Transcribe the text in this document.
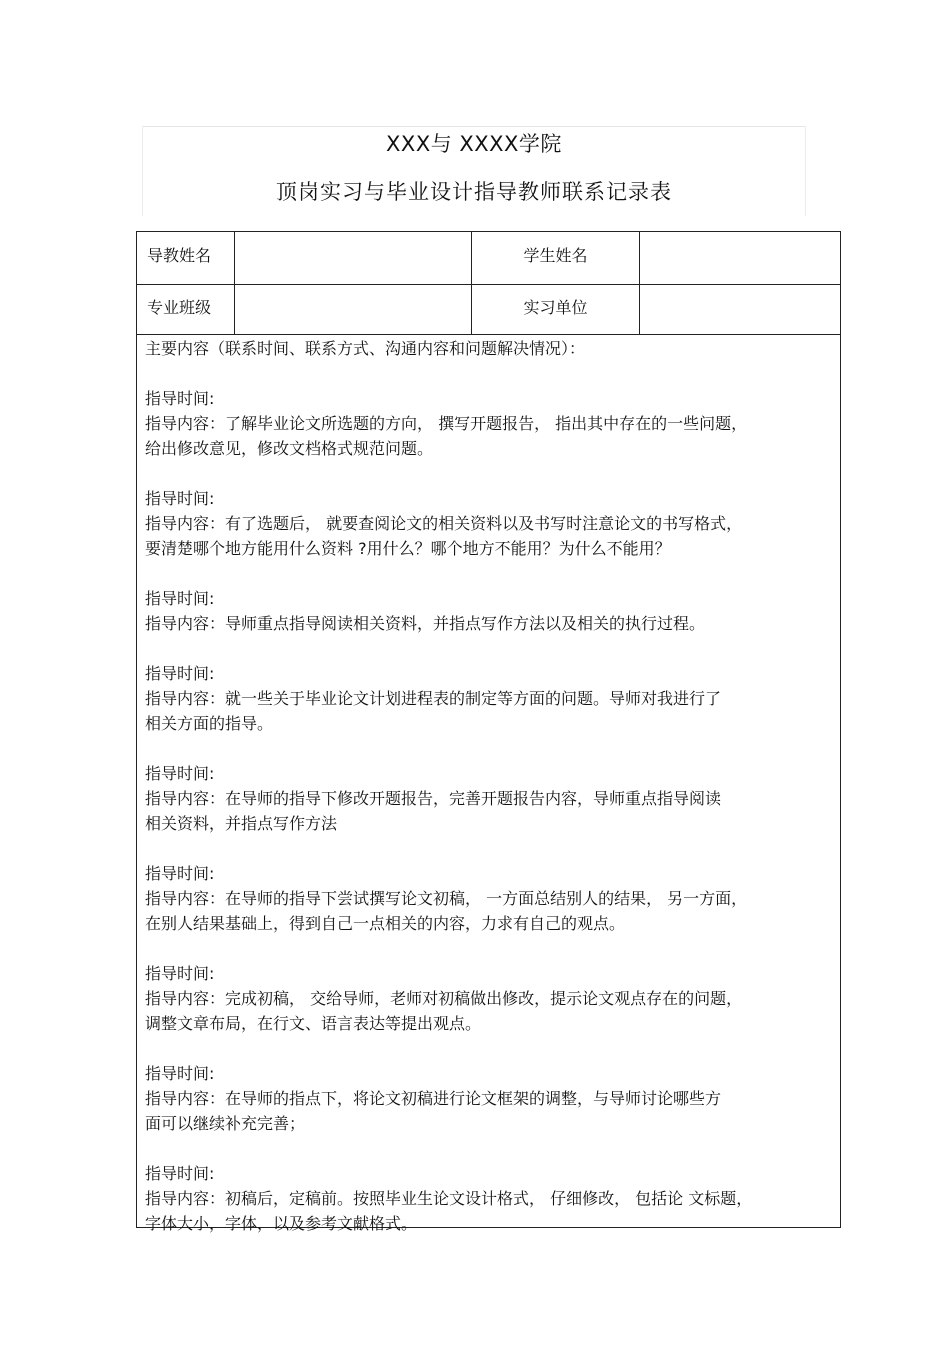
XXX与 XXXX学院
顶岗实习与毕业设计指导教师联系记录表
导教姓名	学生姓名
专业班级	实习单位

主要内容（联系时间、联系方式、沟通内容和问题解决情况）：

指导时间:

指导内容：了解毕业论文所选题的方向， 撰写开题报告， 指出其中存在的一些问题，

给出修改意见，修改文档格式规范问题。

指导时间:

指导内容：有了选题后， 就要查阅论文的相关资料以及书写时注意论文的书写格式，

要清楚哪个地方能用什么资料 ?用什么？哪个地方不能用？为什么不能用？

指导时间:

指导内容：导师重点指导阅读相关资料，并指点写作方法以及相关的执行过程。

指导时间:

指导内容：就一些关于毕业论文计划进程表的制定等方面的问题。导师对我进行了

相关方面的指导。

指导时间:

指导内容：在导师的指导下修改开题报告，完善开题报告内容，导师重点指导阅读

相关资料，并指点写作方法

指导时间:

指导内容：在导师的指导下尝试撰写论文初稿， 一方面总结别人的结果， 另一方面，

在别人结果基础上，得到自己一点相关的内容，力求有自己的观点。

指导时间:

指导内容：完成初稿， 交给导师，老师对初稿做出修改，提示论文观点存在的问题，

调整文章布局，在行文、语言表达等提出观点。

指导时间:

指导内容：在导师的指点下，将论文初稿进行论文框架的调整，与导师讨论哪些方

面可以继续补充完善；

指导时间:

指导内容：初稿后，定稿前。按照毕业生论文设计格式， 仔细修改， 包括论 文标题，

字体大小，字体，以及参考文献格式。
